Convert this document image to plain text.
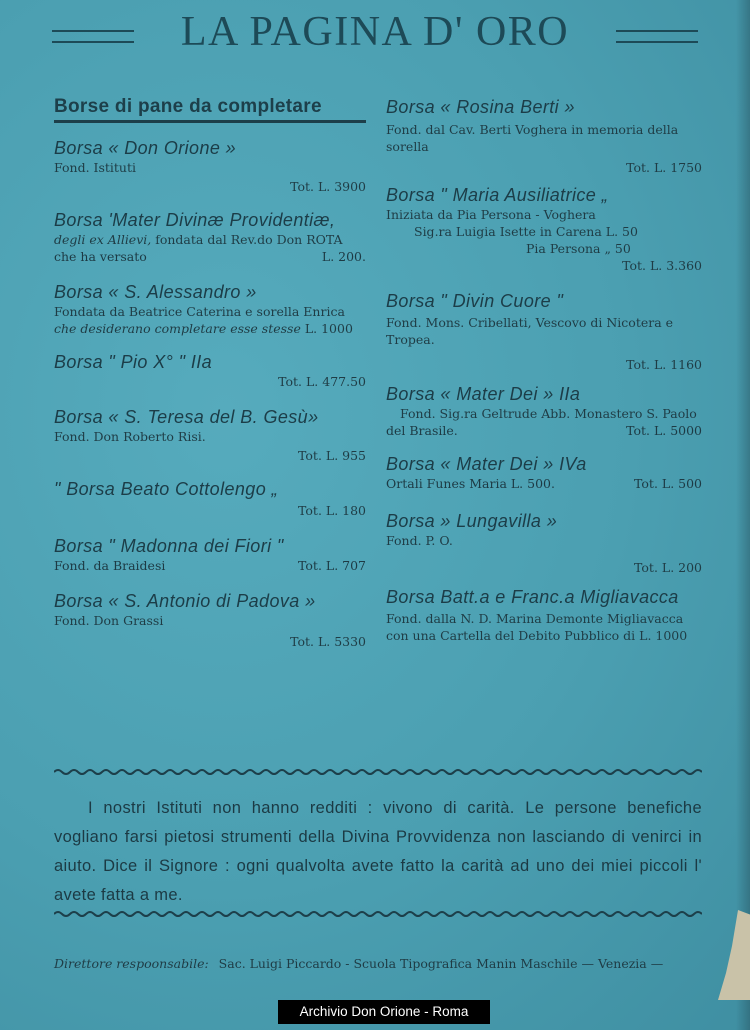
LA PAGINA D' ORO
Borse di pane da completare
Borsa « Don Orione »
Fond. Istituti
Tot. L. 3900
Borsa 'Mater Divinæ Providentiæ,
degli ex Allievi, fondata dal Rev.do Don ROTA
che ha versato	L. 200.
Borsa « S. Alessandro »
Fondata da Beatrice Caterina e sorella Enrica
che desiderano completare esse stesse L. 1000
Borsa " Pio X° " IIa
Tot. L. 477.50
Borsa « S. Teresa del B. Gesù»
Fond. Don Roberto Risi.
Tot. L. 955
" Borsa Beato Cottolengo „
Tot. L. 180
Borsa " Madonna dei Fiori "
Fond. da Braidesi	Tot. L. 707
Borsa « S. Antonio di Padova »
Fond. Don Grassi
Tot. L. 5330
Borsa « Rosina Berti »
Fond. dal Cav. Berti Voghera in memoria della
sorella
Tot. L. 1750
Borsa " Maria Ausiliatrice „
Iniziata da Pia Persona - Voghera
Sig.ra Luigia Isette in Carena L. 50
Pia Persona „ 50
Tot. L. 3.360
Borsa " Divin Cuore "
Fond. Mons. Cribellati, Vescovo di Nicotera e
Tropea.
Tot. L. 1160
Borsa « Mater Dei » IIa
Fond. Sig.ra Geltrude Abb. Monastero S. Paolo
del Brasile.	Tot. L. 5000
Borsa « Mater Dei » IVa
Ortali Funes Maria L. 500.	Tot. L. 500
Borsa » Lungavilla »
Fond. P. O.
Tot. L. 200
Borsa Batt.a e Franc.a Migliavacca
Fond. dalla N. D. Marina Demonte Migliavacca
con una Cartella del Debito Pubblico di L. 1000
I nostri Istituti non hanno redditi : vivono di carità. Le persone benefiche vogliano farsi pietosi strumenti della Divina Provvidenza non lasciando di venirci in aiuto. Dice il Signore : ogni qualvolta avete fatto la carità ad uno dei miei piccoli l' avete fatta a me.
Direttore respoonsabile: Sac. Luigi Piccardo - Scuola Tipografica Manin Maschile — Venezia —
Archivio Don Orione - Roma
